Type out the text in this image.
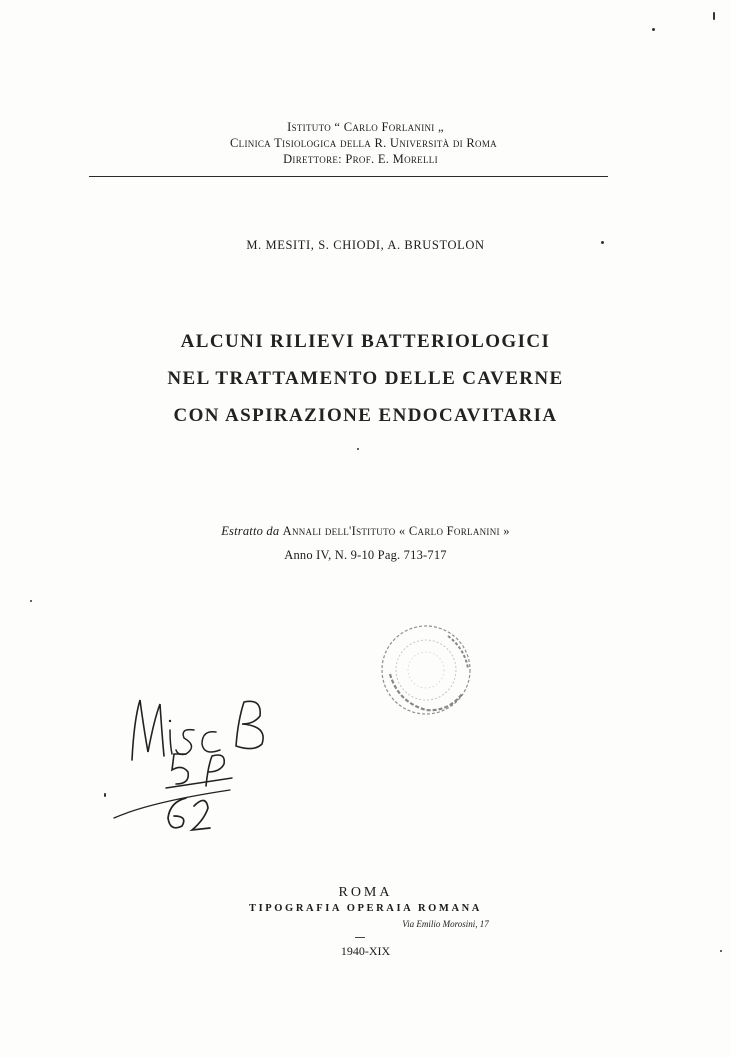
Istituto “ Carlo Forlanini „
Clinica Tisiologica della R. Università di Roma
Direttore: Prof. E. Morelli
M. MESITI, S. CHIODI, A. BRUSTOLON
ALCUNI RILIEVI BATTERIOLOGICI
NEL TRATTAMENTO DELLE CAVERNE
CON ASPIRAZIONE ENDOCAVITARIA
Estratto da Annali dell'Istituto « Carlo Forlanini »
Anno IV, N. 9-10 Pag. 713-717
ROMA
TIPOGRAFIA OPERAIA ROMANA
Via Emilio Morosini, 17
1940-XIX
